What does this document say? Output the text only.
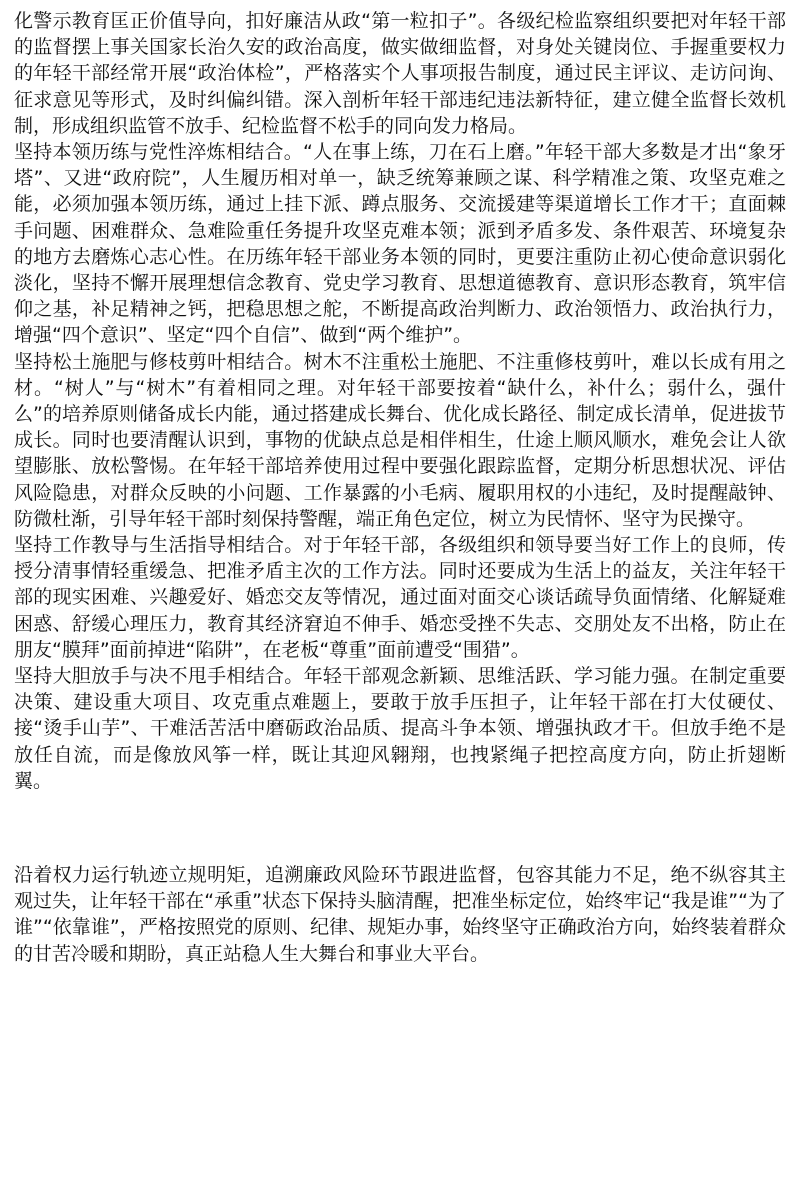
化警示教育匡正价值导向，扣好廉洁从政“第一粒扣子”。各级纪检监察组织要把对年轻干部的监督摆上事关国家长治久安的政治高度，做实做细监督，对身处关键岗位、手握重要权力的年轻干部经常开展“政治体检”，严格落实个人事项报告制度，通过民主评议、走访问询、征求意见等形式，及时纠偏纠错。深入剖析年轻干部违纪违法新特征，建立健全监督长效机制，形成组织监管不放手、纪检监督不松手的同向发力格局。

坚持本领历练与党性淬炼相结合。“人在事上练，刀在石上磨。”年轻干部大多数是才出“象牙塔”、又进“政府院”，人生履历相对单一，缺乏统筹兼顾之谋、科学精准之策、攻坚克难之能，必须加强本领历练，通过上挂下派、蹲点服务、交流援建等渠道增长工作才干；直面棘手问题、困难群众、急难险重任务提升攻坚克难本领；派到矛盾多发、条件艰苦、环境复杂的地方去磨炼心志心性。在历练年轻干部业务本领的同时，更要注重防止初心使命意识弱化淡化，坚持不懈开展理想信念教育、党史学习教育、思想道德教育、意识形态教育，筑牢信仰之基，补足精神之钙，把稳思想之舵，不断提高政治判断力、政治领悟力、政治执行力，增强“四个意识”、坚定“四个自信”、做到“两个维护”。

坚持松土施肥与修枝剪叶相结合。树木不注重松土施肥、不注重修枝剪叶，难以长成有用之材。“树人”与“树木”有着相同之理。对年轻干部要按着“缺什么，补什么；弱什么，强什么”的培养原则储备成长内能，通过搭建成长舞台、优化成长路径、制定成长清单，促进拔节成长。同时也要清醒认识到，事物的优缺点总是相伴相生，仕途上顺风顺水，难免会让人欲望膨胀、放松警惕。在年轻干部培养使用过程中要强化跟踪监督，定期分析思想状况、评估风险隐患，对群众反映的小问题、工作暴露的小毛病、履职用权的小违纪，及时提醒敲钟、防微杜渐，引导年轻干部时刻保持警醒，端正角色定位，树立为民情怀、坚守为民操守。

坚持工作教导与生活指导相结合。对于年轻干部，各级组织和领导要当好工作上的良师，传授分清事情轻重缓急、把准矛盾主次的工作方法。同时还要成为生活上的益友，关注年轻干部的现实困难、兴趣爱好、婚恋交友等情况，通过面对面交心谈话疏导负面情绪、化解疑难困惑、舒缓心理压力，教育其经济窘迫不伸手、婚恋受挫不失志、交朋处友不出格，防止在朋友“膜拜”面前掉进“陷阱”，在老板“尊重”面前遭受“围猎”。

坚持大胆放手与决不甩手相结合。年轻干部观念新颖、思维活跃、学习能力强。在制定重要决策、建设重大项目、攻克重点难题上，要敢于放手压担子，让年轻干部在打大仗硬仗、接“烫手山芋”、干难活苦活中磨砺政治品质、提高斗争本领、增强执政才干。但放手绝不是放任自流，而是像放风筝一样，既让其迎风翱翔，也拽紧绳子把控高度方向，防止折翅断翼。

沿着权力运行轨迹立规明矩，追溯廉政风险环节跟进监督，包容其能力不足，绝不纵容其主观过失，让年轻干部在“承重”状态下保持头脑清醒，把准坐标定位，始终牢记“我是谁”“为了谁”“依靠谁”，严格按照党的原则、纪律、规矩办事，始终坚守正确政治方向，始终装着群众的甘苦冷暖和期盼，真正站稳人生大舞台和事业大平台。
